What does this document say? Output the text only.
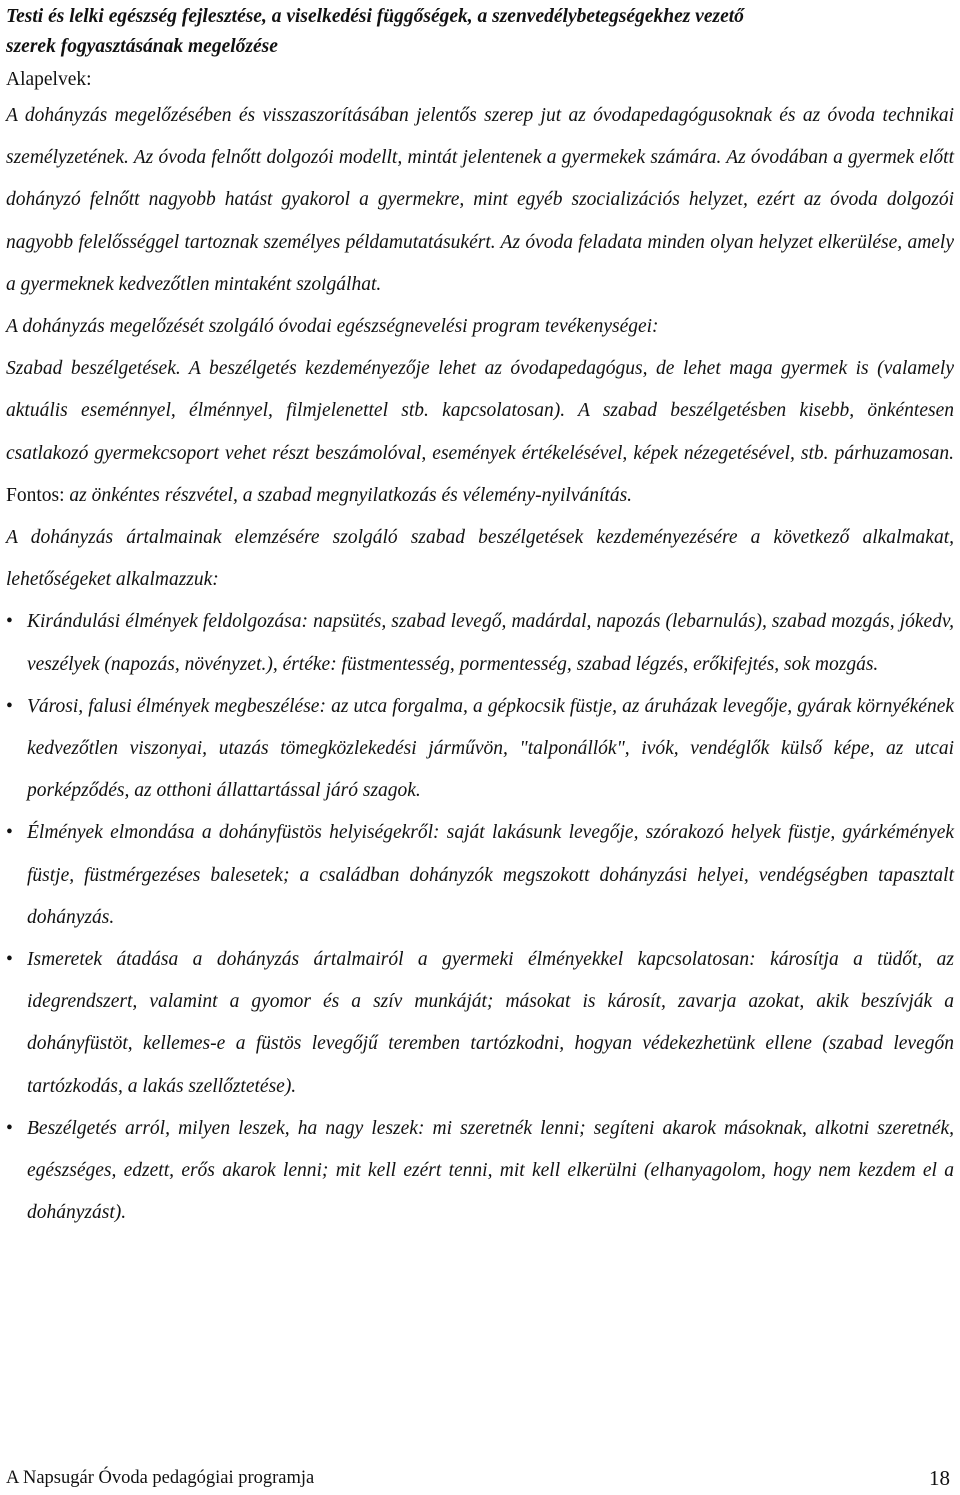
Testi és lelki egészség fejlesztése, a viselkedési függőségek, a szenvedélybetegségekhez vezető
szerek fogyasztásának megelőzése

Alapelvek:

A dohányzás megelőzésében és visszaszorításában jelentős szerep jut az óvodapedagógusoknak és az óvoda technikai személyzetének. Az óvoda felnőtt dolgozói modellt, mintát jelentenek a gyermekek számára. Az óvodában a gyermek előtt dohányzó felnőtt nagyobb hatást gyakorol a gyermekre, mint egyéb szocializációs helyzet, ezért az óvoda dolgozói nagyobb felelősséggel tartoznak személyes példamutatásukért. Az óvoda feladata minden olyan helyzet elkerülése, amely a gyermeknek kedvezőtlen mintaként szolgálhat.

A dohányzás megelőzését szolgáló óvodai egészségnevelési program tevékenységei:

Szabad beszélgetések. A beszélgetés kezdeményezője lehet az óvodapedagógus, de lehet maga gyermek is (valamely aktuális eseménnyel, élménnyel, filmjelenettel stb. kapcsolatosan). A szabad beszélgetésben kisebb, önkéntesen csatlakozó gyermekcsoport vehet részt beszámolóval, események értékelésével, képek nézegetésével, stb. párhuzamosan. Fontos: az önkéntes részvétel, a szabad megnyilatkozás és vélemény-nyilvánítás.

A dohányzás ártalmainak elemzésére szolgáló szabad beszélgetések kezdeményezésére a következő alkalmakat, lehetőségeket alkalmazzuk:

• Kirándulási élmények feldolgozása: napsütés, szabad levegő, madárdal, napozás (lebarnulás), szabad mozgás, jókedv, veszélyek (napozás, növényzet.), értéke: füstmentesség, pormentesség, szabad légzés, erőkifejtés, sok mozgás.
• Városi, falusi élmények megbeszélése: az utca forgalma, a gépkocsik füstje, az áruházak levegője, gyárak környékének kedvezőtlen viszonyai, utazás tömegközlekedési járművön, "talponállók", ivók, vendéglők külső képe, az utcai porképződés, az otthoni állattartással járó szagok.
• Élmények elmondása a dohányfüstös helyiségekről: saját lakásunk levegője, szórakozó helyek füstje, gyárkémények füstje, füstmérgezéses balesetek; a családban dohányzók megszokott dohányzási helyei, vendégségben tapasztalt dohányzás.
• Ismeretek átadása a dohányzás ártalmairól a gyermeki élményekkel kapcsolatosan: károsítja a tüdőt, az idegrendszert, valamint a gyomor és a szív munkáját; másokat is károsít, zavarja azokat, akik beszívják a dohányfüstöt, kellemes-e a füstös levegőjű teremben tartózkodni, hogyan védekezhetünk ellene (szabad levegőn tartózkodás, a lakás szellőztetése).
• Beszélgetés arról, milyen leszek, ha nagy leszek: mi szeretnék lenni; segíteni akarok másoknak, alkotni szeretnék, egészséges, edzett, erős akarok lenni; mit kell ezért tenni, mit kell elkerülni (elhanyagolom, hogy nem kezdem el a dohányzást).
A Napsugár Óvoda pedagógiai programja	18
